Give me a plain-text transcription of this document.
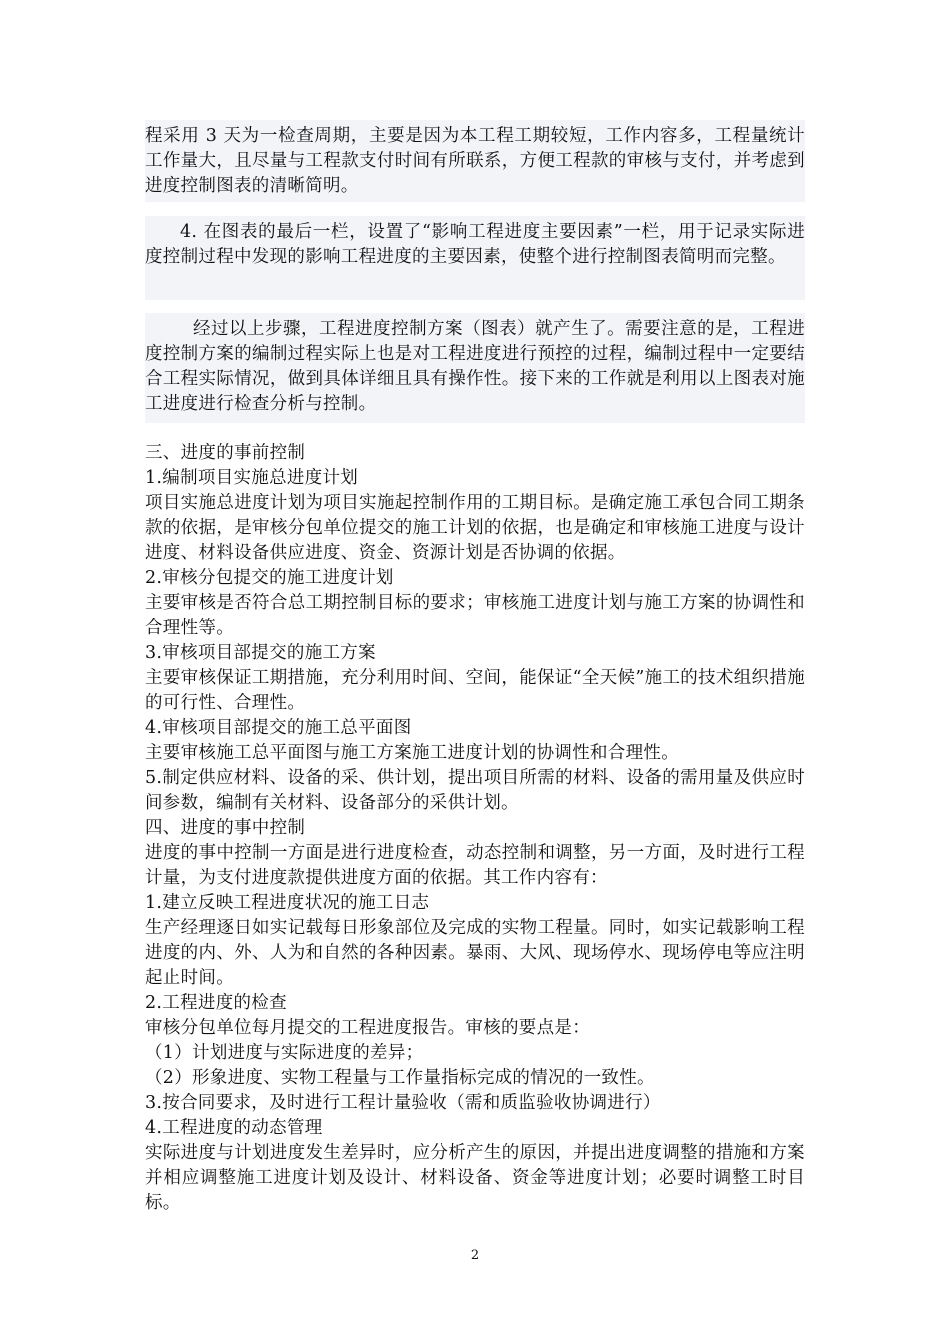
程采用 3 天为一检查周期，主要是因为本工程工期较短，工作内容多，工程量统计工作量大，且尽量与工程款支付时间有所联系，方便工程款的审核与支付，并考虑到进度控制图表的清晰简明。

4. 在图表的最后一栏，设置了“影响工程进度主要因素”一栏，用于记录实际进度控制过程中发现的影响工程进度的主要因素，使整个进行控制图表简明而完整。

经过以上步骤，工程进度控制方案（图表）就产生了。需要注意的是，工程进度控制方案的编制过程实际上也是对工程进度进行预控的过程，编制过程中一定要结合工程实际情况，做到具体详细且具有操作性。接下来的工作就是利用以上图表对施工进度进行检查分析与控制。

三、进度的事前控制

1.编制项目实施总进度计划

项目实施总进度计划为项目实施起控制作用的工期目标。是确定施工承包合同工期条款的依据，是审核分包单位提交的施工计划的依据，也是确定和审核施工进度与设计进度、材料设备供应进度、资金、资源计划是否协调的依据。

2.审核分包提交的施工进度计划

主要审核是否符合总工期控制目标的要求；审核施工进度计划与施工方案的协调性和合理性等。

3.审核项目部提交的施工方案

主要审核保证工期措施，充分利用时间、空间，能保证“全天候”施工的技术组织措施的可行性、合理性。

4.审核项目部提交的施工总平面图

主要审核施工总平面图与施工方案施工进度计划的协调性和合理性。

5.制定供应材料、设备的采、供计划，提出项目所需的材料、设备的需用量及供应时间参数，编制有关材料、设备部分的采供计划。

四、进度的事中控制

进度的事中控制一方面是进行进度检查，动态控制和调整，另一方面，及时进行工程计量，为支付进度款提供进度方面的依据。其工作内容有：

1.建立反映工程进度状况的施工日志

生产经理逐日如实记载每日形象部位及完成的实物工程量。同时，如实记载影响工程进度的内、外、人为和自然的各种因素。暴雨、大风、现场停水、现场停电等应注明起止时间。

2.工程进度的检查

审核分包单位每月提交的工程进度报告。审核的要点是：

（1）计划进度与实际进度的差异；

（2）形象进度、实物工程量与工作量指标完成的情况的一致性。

3.按合同要求，及时进行工程计量验收（需和质监验收协调进行）

4.工程进度的动态管理

实际进度与计划进度发生差异时，应分析产生的原因，并提出进度调整的措施和方案并相应调整施工进度计划及设计、材料设备、资金等进度计划；必要时调整工时目标。

2
